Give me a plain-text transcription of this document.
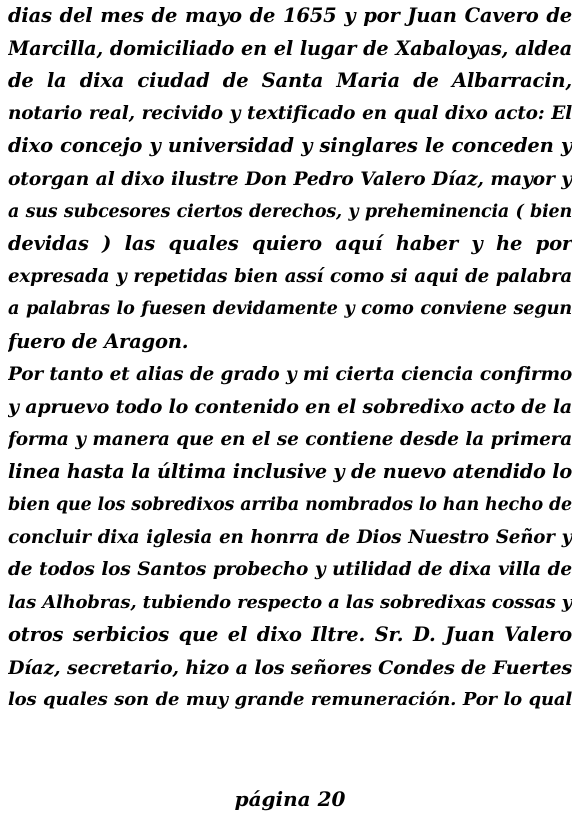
dias del mes de mayo de 1655 y por Juan Cavero de
Marcilla, domiciliado en el lugar de Xabaloyas, aldea
de la dixa ciudad de Santa Maria de Albarracin,
notario real, recivido y textificado en qual dixo acto: El
dixo concejo y universidad y singlares le conceden y
otorgan al dixo ilustre Don Pedro Valero Díaz, mayor y
a sus subcesores ciertos derechos, y preheminencia ( bien
devidas ) las quales quiero aquí haber y he por
expresada y repetidas bien assí como si aqui de palabra
a palabras lo fuesen devidamente y como conviene segun
fuero de Aragon.
Por tanto et alias de grado y mi cierta ciencia confirmo
y apruevo todo lo contenido en el sobredixo acto de la
forma y manera que en el se contiene desde la primera
linea hasta la última inclusive y de nuevo atendido lo
bien que los sobredixos arriba nombrados lo han hecho de
concluir dixa iglesia en honrra de Dios Nuestro Señor y
de todos los Santos probecho y utilidad de dixa villa de
las Alhobras, tubiendo respecto a las sobredixas cossas y
otros serbicios que el dixo Iltre. Sr. D. Juan Valero
Díaz, secretario, hizo a los señores Condes de Fuertes
los quales son de muy grande remuneración. Por lo qual
página 20
